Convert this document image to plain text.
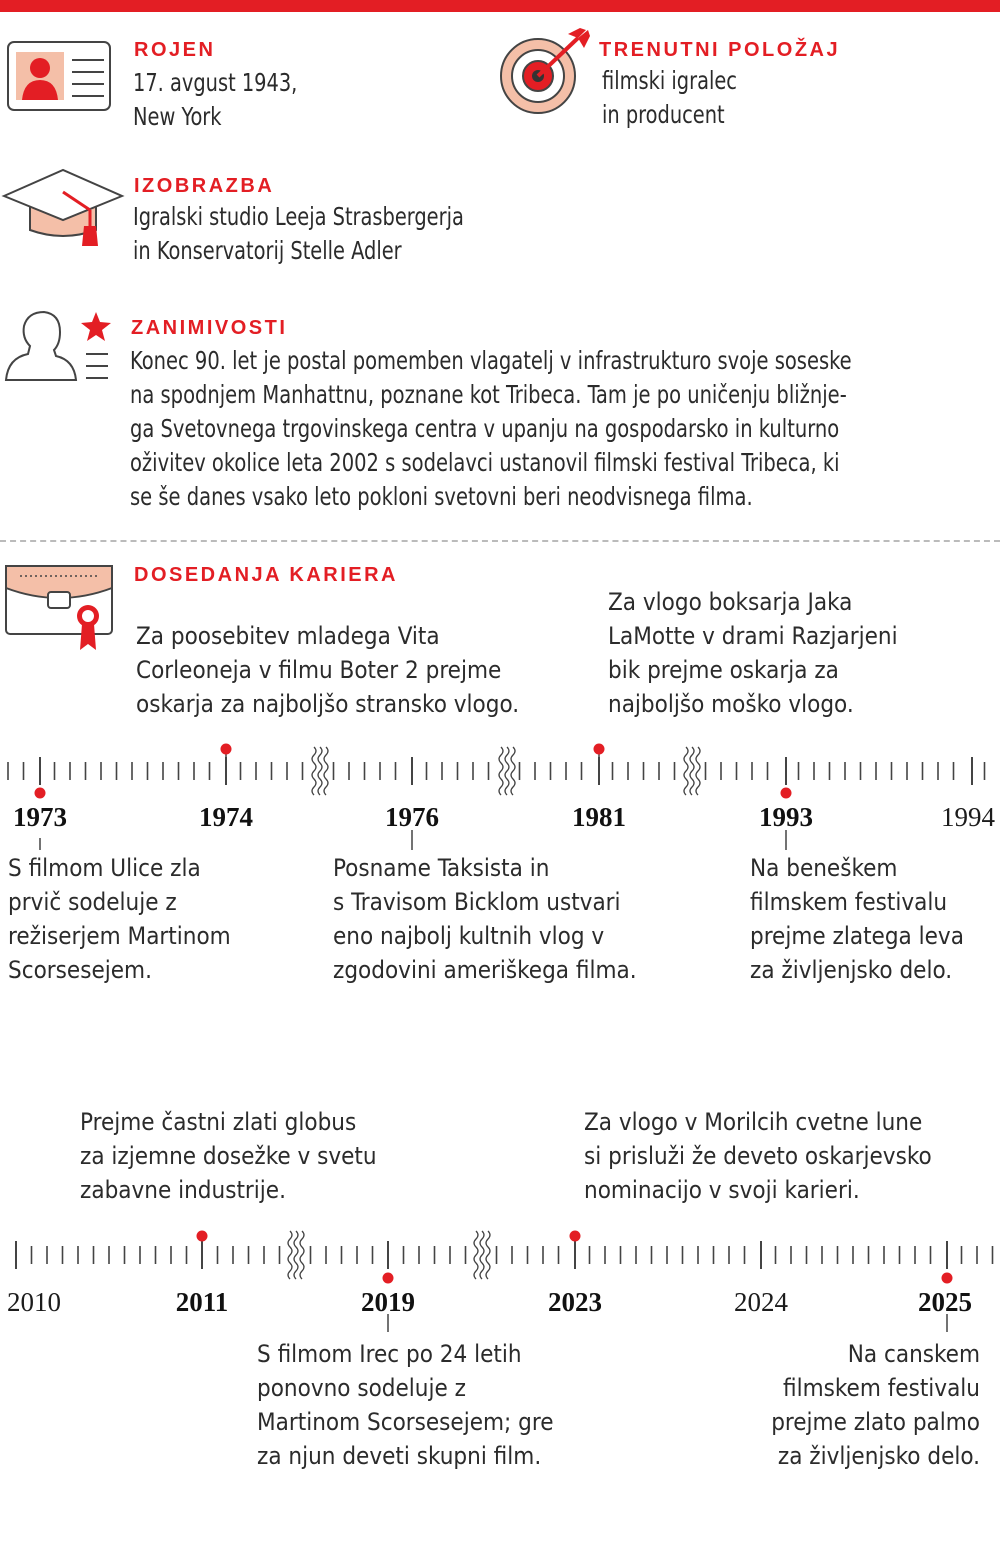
ROJEN
17. avgust 1943,
New York
TRENUTNI POLOŽAJ
filmski igralec
in producent
IZOBRAZBA
Igralski studio Leeja Strasbergerja
in Konservatorij Stelle Adler
ZANIMIVOSTI
Konec 90. let je postal pomemben vlagatelj v infrastrukturo svoje soseske
na spodnjem Manhattnu, poznane kot Tribeca. Tam je po uničenju bližnje-
ga Svetovnega trgovinskega centra v upanju na gospodarsko in kulturno
oživitev okolice leta 2002 s sodelavci ustanovil filmski festival Tribeca, ki
se še danes vsako leto pokloni svetovni beri neodvisnega filma.
DOSEDANJA KARIERA
Za poosebitev mladega Vita
Corleoneja v filmu Boter 2 prejme
oskarja za najboljšo stransko vlogo.
Za vlogo boksarja Jaka
LaMotte v drami Razjarjeni
bik prejme oskarja za
najboljšo moško vlogo.
1973	1974	1976	1981	1993	1994
S filmom Ulice zla
prvič sodeluje z
režiserjem Martinom
Scorsesejem.
Posname Taksista in
s Travisom Bicklom ustvari
eno najbolj kultnih vlog v
zgodovini ameriškega filma.
Na beneškem
filmskem festivalu
prejme zlatega leva
za življenjsko delo.
Prejme častni zlati globus
za izjemne dosežke v svetu
zabavne industrije.
Za vlogo v Morilcih cvetne lune
si prisluži že deveto oskarjevsko
nominacijo v svoji karieri.
2010	2011	2019	2023	2024	2025
S filmom Irec po 24 letih
ponovno sodeluje z
Martinom Scorsesejem; gre
za njun deveti skupni film.
Na canskem
filmskem festivalu
prejme zlato palmo
za življenjsko delo.
